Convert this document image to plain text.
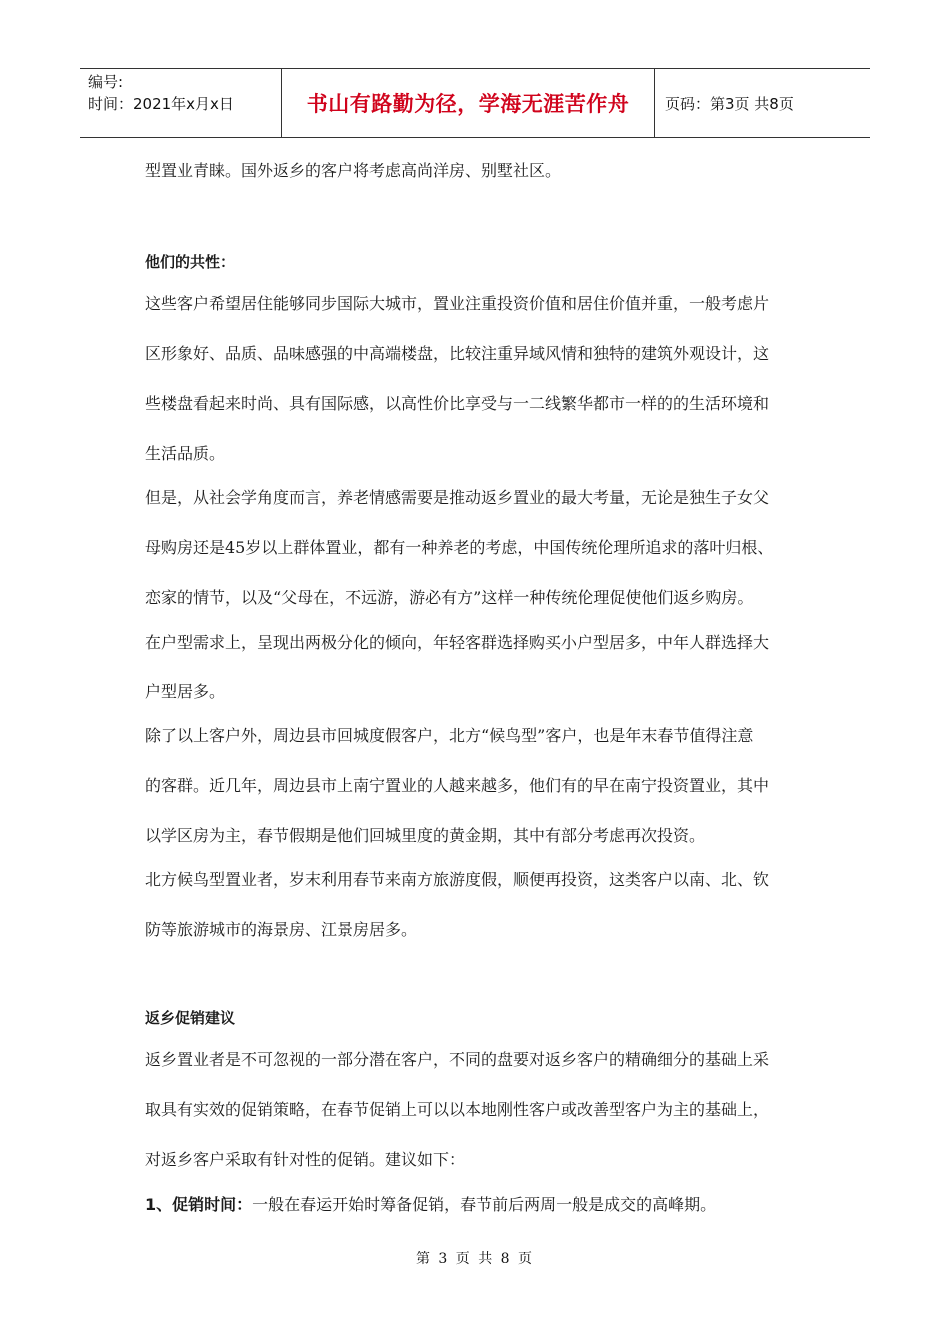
编号:
时间：2021年x月x日	书山有路勤为径，学海无涯苦作舟	页码：第3页 共8页

型置业青睐。国外返乡的客户将考虑高尚洋房、别墅社区。

他们的共性：

这些客户希望居住能够同步国际大城市，置业注重投资价值和居住价值并重，一般考虑片

区形象好、品质、品味感强的中高端楼盘，比较注重异域风情和独特的建筑外观设计，这

些楼盘看起来时尚、具有国际感，以高性价比享受与一二线繁华都市一样的的生活环境和

生活品质。

但是，从社会学角度而言，养老情感需要是推动返乡置业的最大考量，无论是独生子女父

母购房还是45岁以上群体置业，都有一种养老的考虑，中国传统伦理所追求的落叶归根、

恋家的情节，以及“父母在，不远游，游必有方”这样一种传统伦理促使他们返乡购房。

在户型需求上，呈现出两极分化的倾向，年轻客群选择购买小户型居多，中年人群选择大

户型居多。

除了以上客户外，周边县市回城度假客户，北方“候鸟型”客户，也是年末春节值得注意

的客群。近几年，周边县市上南宁置业的人越来越多，他们有的早在南宁投资置业，其中

以学区房为主，春节假期是他们回城里度的黄金期，其中有部分考虑再次投资。

北方候鸟型置业者，岁末利用春节来南方旅游度假，顺便再投资，这类客户以南、北、钦

防等旅游城市的海景房、江景房居多。

返乡促销建议

返乡置业者是不可忽视的一部分潜在客户，不同的盘要对返乡客户的精确细分的基础上采

取具有实效的促销策略，在春节促销上可以以本地刚性客户或改善型客户为主的基础上，

对返乡客户采取有针对性的促销。建议如下：

1、促销时间：一般在春运开始时筹备促销，春节前后两周一般是成交的高峰期。

第 3 页 共 8 页
